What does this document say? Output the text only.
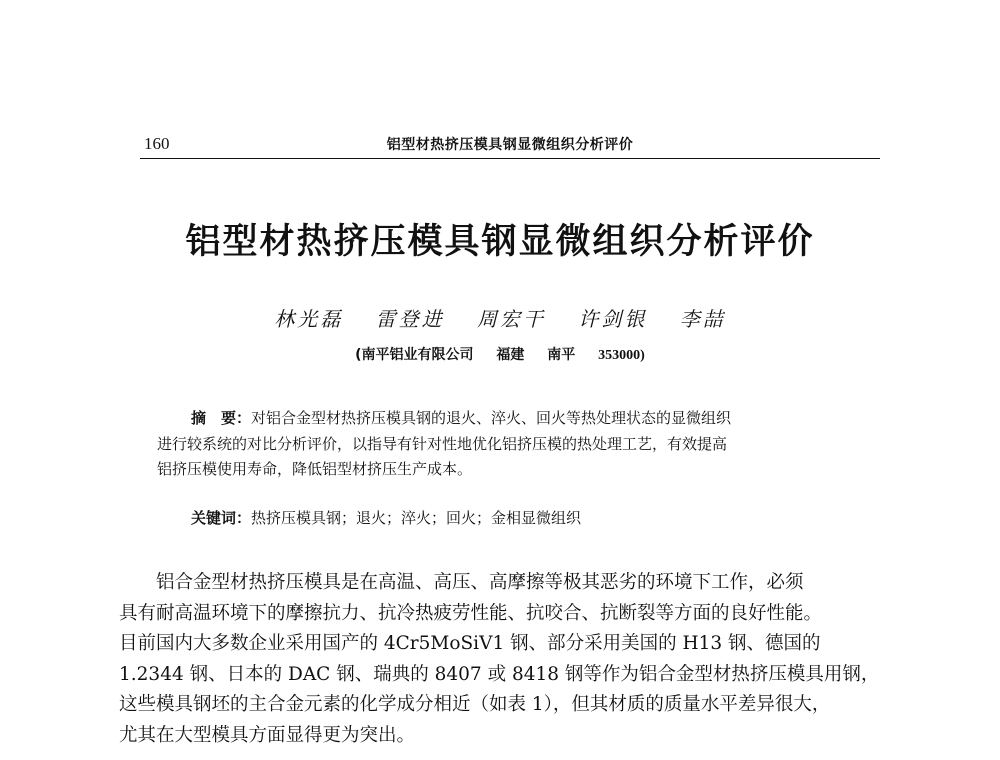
160	铝型材热挤压模具钢显微组织分析评价
铝型材热挤压模具钢显微组织分析评价
林光磊 雷登进 周宏干 许剑银 李喆
(南平铝业有限公司 福建 南平 353000)
摘　要：对铝合金型材热挤压模具钢的退火、淬火、回火等热处理状态的显微组织
进行较系统的对比分析评价，以指导有针对性地优化铝挤压模的热处理工艺，有效提高
铝挤压模使用寿命，降低铝型材挤压生产成本。
关键词：热挤压模具钢；退火；淬火；回火；金相显微组织
铝合金型材热挤压模具是在高温、高压、高摩擦等极其恶劣的环境下工作，必须
具有耐高温环境下的摩擦抗力、抗冷热疲劳性能、抗咬合、抗断裂等方面的良好性能。
目前国内大多数企业采用国产的 4Cr5MoSiV1 钢、部分采用美国的 H13 钢、德国的
1.2344 钢、日本的 DAC 钢、瑞典的 8407 或 8418 钢等作为铝合金型材热挤压模具用钢，
这些模具钢坯的主合金元素的化学成分相近（如表 1），但其材质的质量水平差异很大，
尤其在大型模具方面显得更为突出。
